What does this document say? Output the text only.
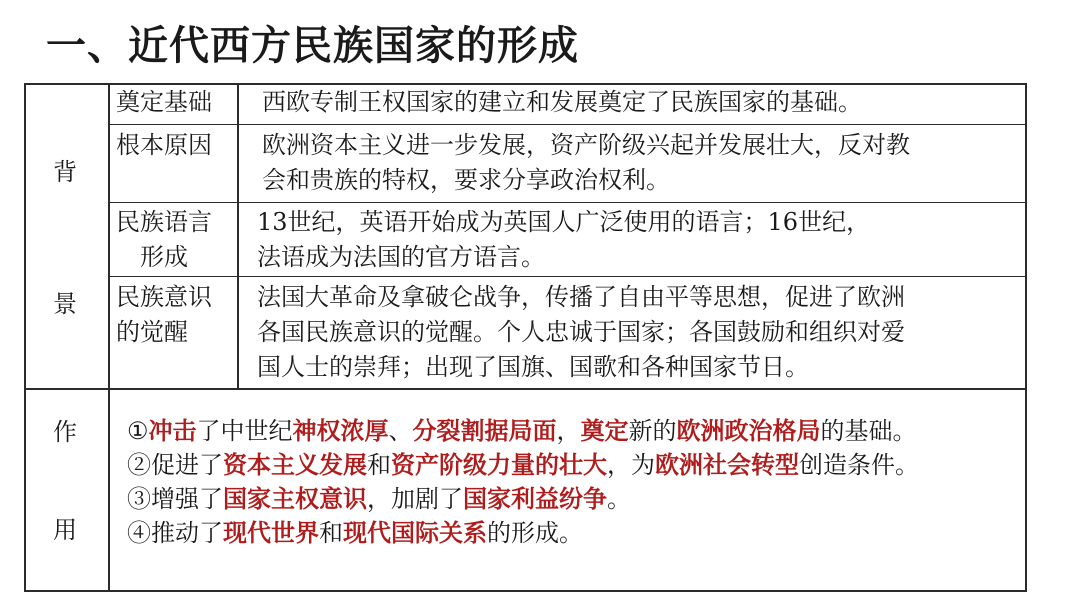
一、近代西方民族国家的形成
背
景
奠定基础	西欧专制王权国家的建立和发展奠定了民族国家的基础。
根本原因	欧洲资本主义进一步发展，资产阶级兴起并发展壮大，反对教
会和贵族的特权，要求分享政治权利。
民族语言
形成
13世纪，英语开始成为英国人广泛使用的语言；16世纪，
法语成为法国的官方语言。
民族意识
的觉醒
法国大革命及拿破仑战争，传播了自由平等思想，促进了欧洲
各国民族意识的觉醒。个人忠诚于国家；各国鼓励和组织对爱
国人士的崇拜；出现了国旗、国歌和各种国家节日。
作
用
①冲击了中世纪神权浓厚、分裂割据局面，奠定新的欧洲政治格局的基础。
②促进了资本主义发展和资产阶级力量的壮大，为欧洲社会转型创造条件。
③增强了国家主权意识，加剧了国家利益纷争。
④推动了现代世界和现代国际关系的形成。
